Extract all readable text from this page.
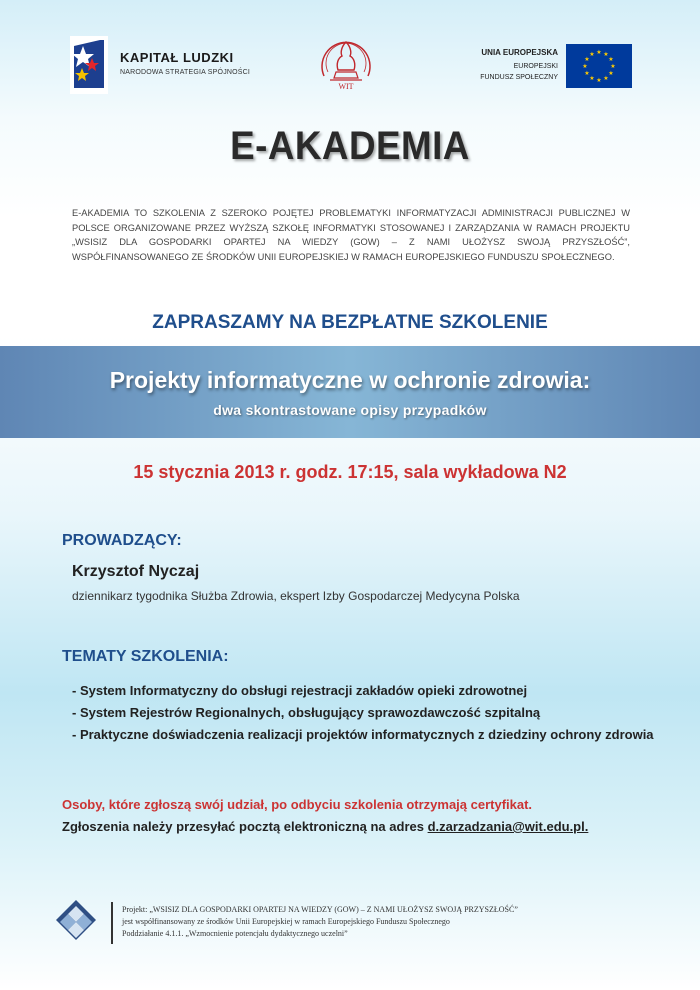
KAPITAŁ LUDZKI
NARODOWA STRATEGIA SPÓJNOŚCI
WIT
UNIA EUROPEJSKA
EUROPEJSKI
FUNDUSZ SPOŁECZNY
★ ★
★
★
★
★
★
★
★
★
★
★
E-AKADEMIA
E-AKADEMIA TO SZKOLENIA Z SZEROKO POJĘTEJ PROBLEMATYKI INFORMATYZACJI ADMINISTRACJI PUBLICZNEJ W POLSCE ORGANIZOWANE PRZEZ WYŻSZĄ SZKOŁĘ INFORMATYKI STOSOWANEJ I ZARZĄDZANIA W RAMACH PROJEKTU „WSISIZ DLA GOSPODARKI OPARTEJ NA WIEDZY (GOW) – Z NAMI UŁOŻYSZ SWOJĄ PRZYSZŁOŚĆ”, WSPÓŁFINANSOWANEGO ZE ŚRODKÓW UNII EUROPEJSKIEJ W RAMACH EUROPEJSKIEGO FUNDUSZU SPOŁECZNEGO.
ZAPRASZAMY NA BEZPŁATNE SZKOLENIE
Projekty informatyczne w ochronie zdrowia:
dwa skontrastowane opisy przypadków
15 stycznia 2013 r. godz. 17:15, sala wykładowa N2
PROWADZĄCY:
Krzysztof Nyczaj
dziennikarz tygodnika Służba Zdrowia, ekspert Izby Gospodarczej Medycyna Polska
TEMATY SZKOLENIA:
- System Informatyczny do obsługi rejestracji zakładów opieki zdrowotnej
- System Rejestrów Regionalnych, obsługujący sprawozdawczość szpitalną
- Praktyczne doświadczenia realizacji projektów informatycznych z dziedziny ochrony zdrowia
Osoby, które zgłoszą swój udział, po odbyciu szkolenia otrzymają certyfikat.
Zgłoszenia należy przesyłać pocztą elektroniczną na adres d.zarzadzania@wit.edu.pl.
Projekt: „WSISIZ DLA GOSPODARKI OPARTEJ NA WIEDZY (GOW) – Z NAMI UŁOŻYSZ SWOJĄ PRZYSZŁOŚĆ”
jest współfinansowany ze środków Unii Europejskiej w ramach Europejskiego Funduszu Społecznego
Poddziałanie 4.1.1. „Wzmocnienie potencjału dydaktycznego uczelni”
